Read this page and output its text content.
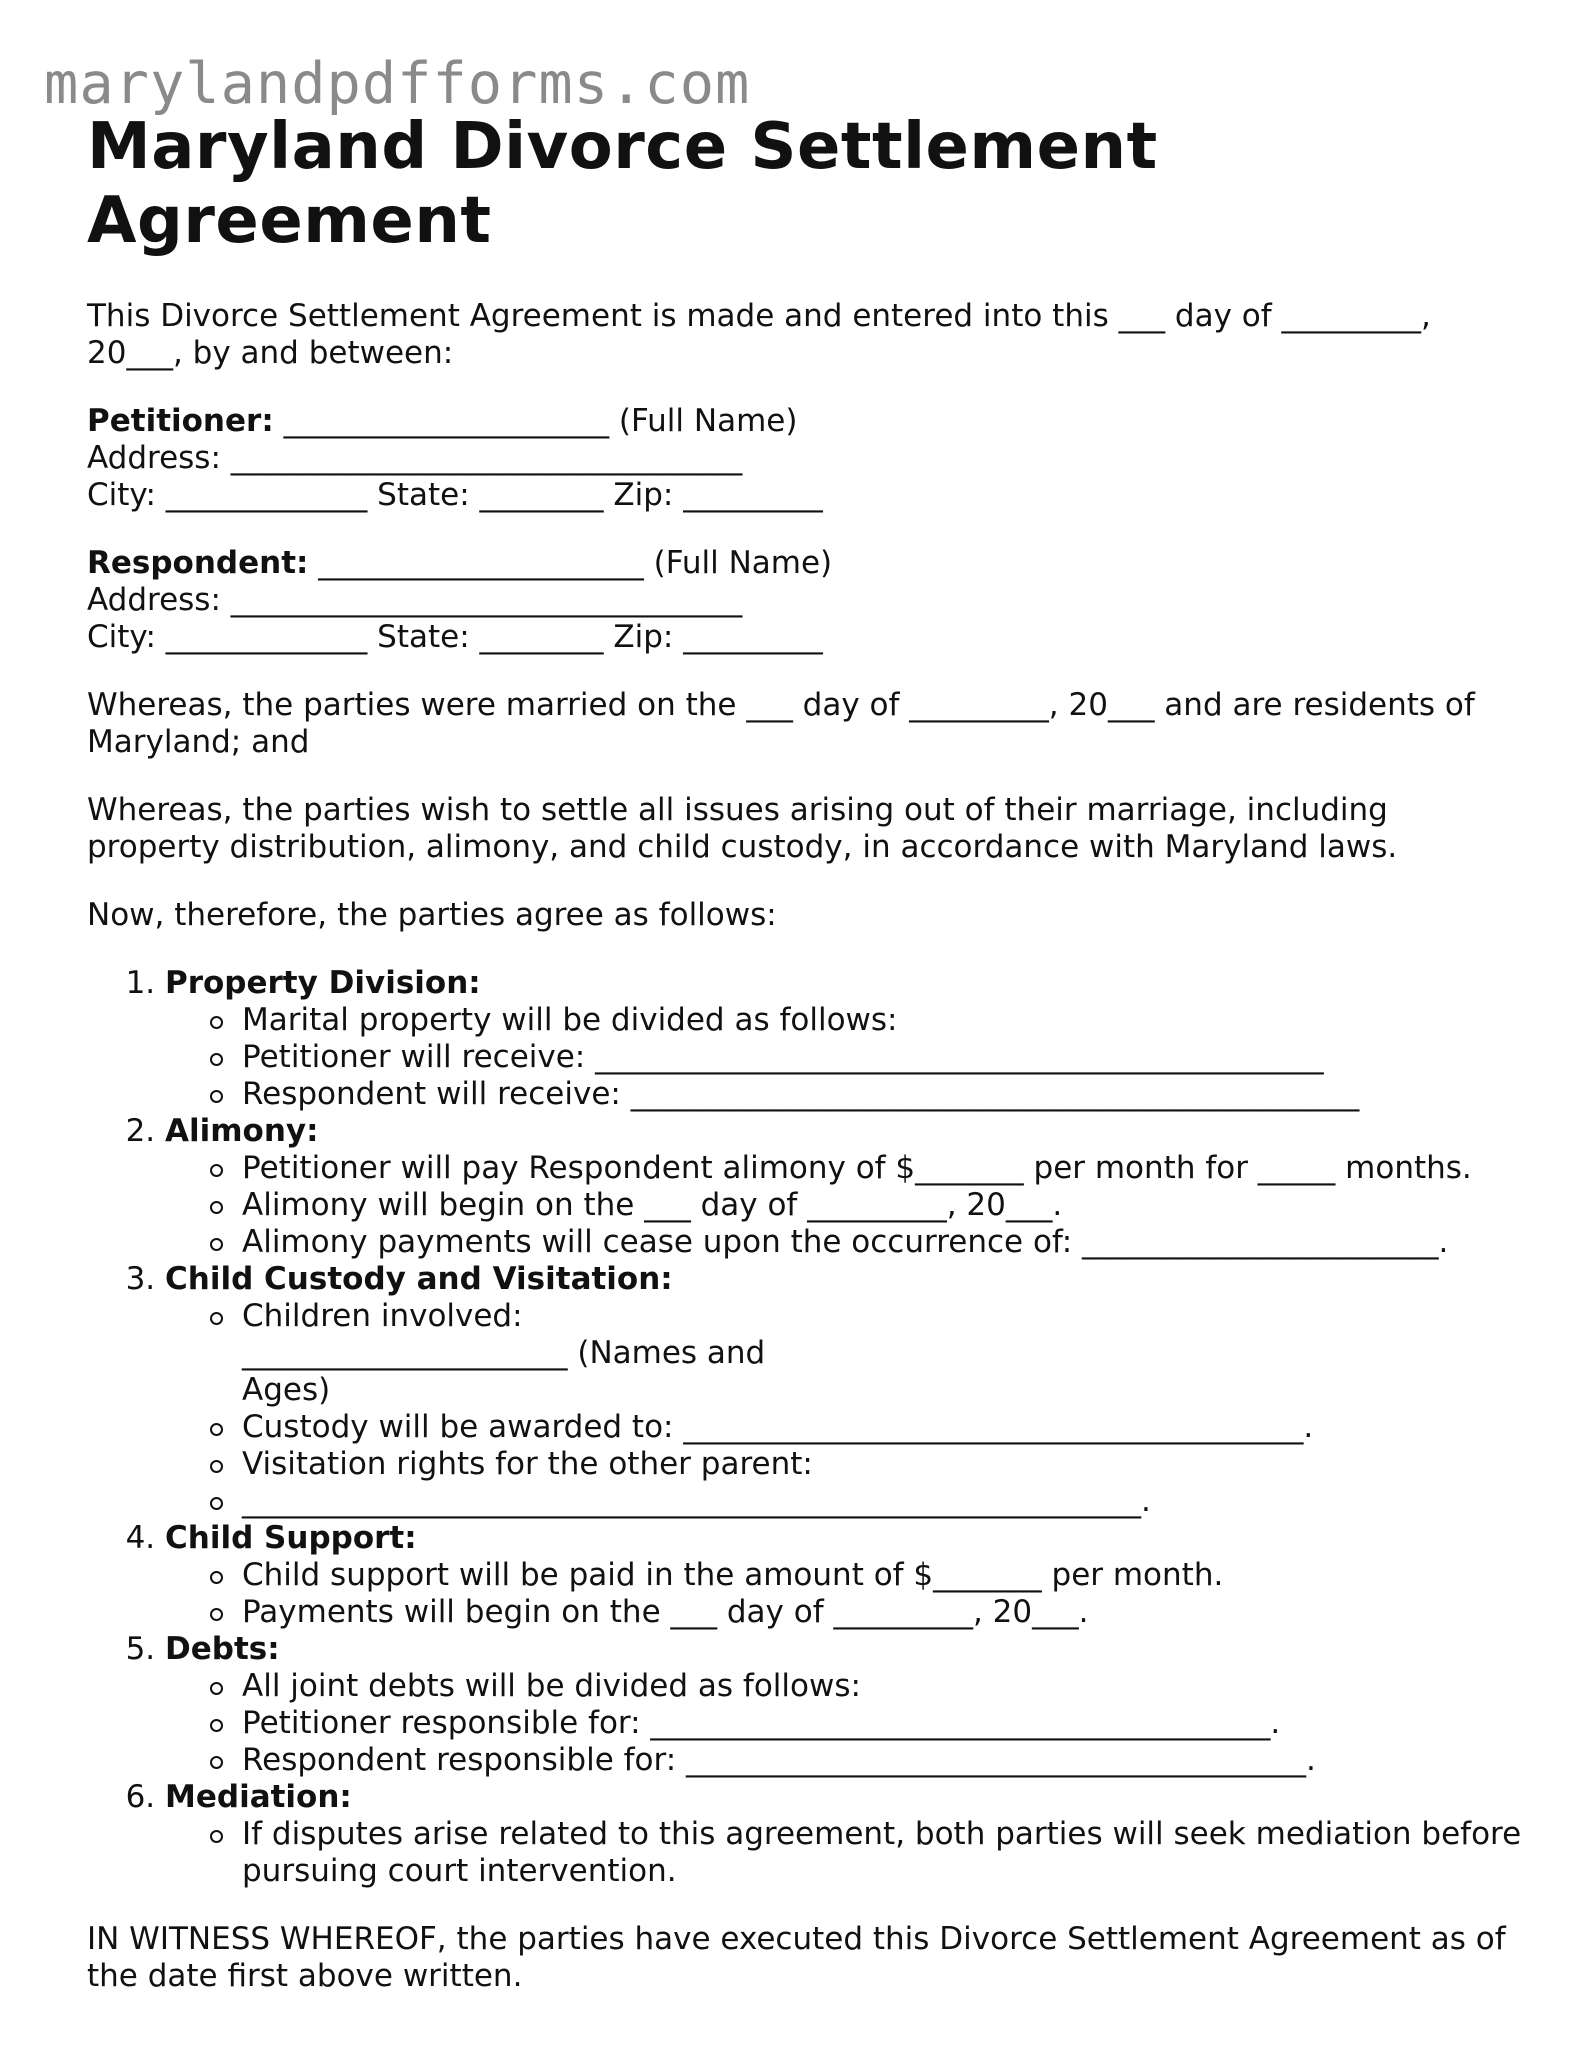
marylandpdfforms.com
Maryland Divorce Settlement Agreement

This Divorce Settlement Agreement is made and entered into this ___ day of _________, 20___, by and between:

Petitioner: _____________________ (Full Name)
Address: _________________________________
City: _____________ State: ________ Zip: _________
Respondent: _____________________ (Full Name)
Address: _________________________________
City: _____________ State: ________ Zip: _________

Whereas, the parties were married on the ___ day of _________, 20___ and are residents of Maryland; and

Whereas, the parties wish to settle all issues arising out of their marriage, including property distribution, alimony, and child custody, in accordance with Maryland laws.

Now, therefore, the parties agree as follows:

1. Property Division:
Marital property will be divided as follows:
Petitioner will receive: _______________________________________________
Respondent will receive: _______________________________________________
2. Alimony:
Petitioner will pay Respondent alimony of $_______ per month for _____ months.
Alimony will begin on the ___ day of _________, 20___.
Alimony payments will cease upon the occurrence of: _______________________.
3. Child Custody and Visitation:
Children involved: _____________________ (Names and Ages)
Custody will be awarded to: ________________________________________.
Visitation rights for the other parent:
__________________________________________________________.
4. Child Support:
Child support will be paid in the amount of $_______ per month.
Payments will begin on the ___ day of _________, 20___.
5. Debts:
All joint debts will be divided as follows:
Petitioner responsible for: ________________________________________.
Respondent responsible for: ________________________________________.
6. Mediation:
If disputes arise related to this agreement, both parties will seek mediation before pursuing court intervention.

IN WITNESS WHEREOF, the parties have executed this Divorce Settlement Agreement as of the date first above written.
